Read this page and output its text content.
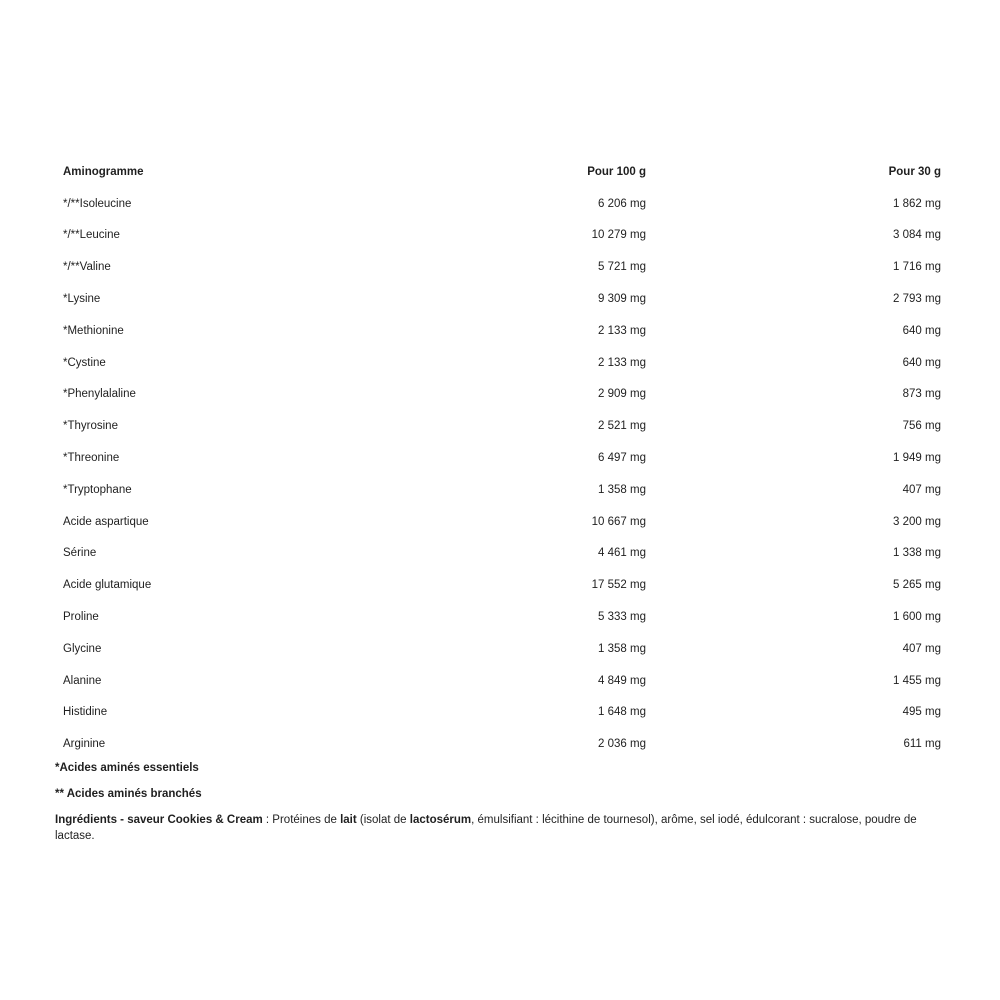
Aminogramme	Pour 100 g	Pour 30 g
*/**Isoleucine	6 206 mg	1 862 mg
*/**Leucine	10 279 mg	3 084 mg
*/**Valine	5 721 mg	1 716 mg
*Lysine	9 309 mg	2 793 mg
*Methionine	2 133 mg	640 mg
*Cystine	2 133 mg	640 mg
*Phenylalaline	2 909 mg	873 mg
*Thyrosine	2 521 mg	756 mg
*Threonine	6 497 mg	1 949 mg
*Tryptophane	1 358 mg	407 mg
Acide aspartique	10 667 mg	3 200 mg
Sérine	4 461 mg	1 338 mg
Acide glutamique	17 552 mg	5 265 mg
Proline	5 333 mg	1 600 mg
Glycine	1 358 mg	407 mg
Alanine	4 849 mg	1 455 mg
Histidine	1 648 mg	495 mg
Arginine	2 036 mg	611 mg
*Acides aminés essentiels
** Acides aminés branchés
Ingrédients - saveur Cookies & Cream : Protéines de lait (isolat de lactosérum, émulsifiant : lécithine de tournesol), arôme, sel iodé, édulcorant : sucralose, poudre de lactase.
